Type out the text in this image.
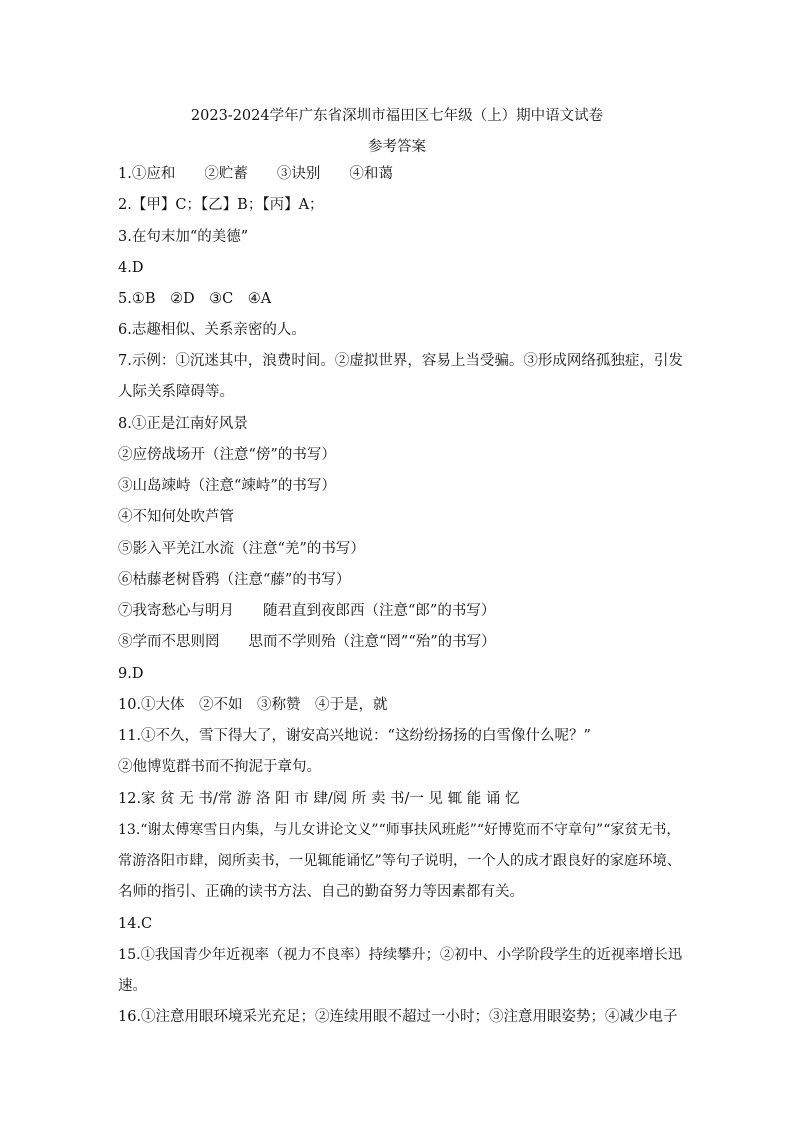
2023-2024学年广东省深圳市福田区七年级（上）期中语文试卷
参考答案
1.①应和　　②贮蓄　　③诀别　　④和蔼
2.【甲】C；【乙】B；【丙】A；
3.在句末加“的美德”
4.D
5.①B　②D　③C　④A
6.志趣相似、关系亲密的人。
7.示例：①沉迷其中，浪费时间。②虚拟世界，容易上当受骗。③形成网络孤独症，引发
人际关系障碍等。
8.①正是江南好风景
②应傍战场开（注意“傍”的书写）
③山岛竦峙（注意“竦峙”的书写）
④不知何处吹芦管
⑤影入平羌江水流（注意“羌”的书写）
⑥枯藤老树昏鸦（注意“藤”的书写）
⑦我寄愁心与明月　　随君直到夜郎西（注意“郎”的书写）
⑧学而不思则罔　　思而不学则殆（注意“罔”“殆”的书写）
9.D
10.①大体　②不如　③称赞　④于是，就
11.①不久，雪下得大了，谢安高兴地说：“这纷纷扬扬的白雪像什么呢？”
②他博览群书而不拘泥于章句。
12.家 贫 无 书/常 游 洛 阳 市 肆/阅 所 卖 书/一 见 辄 能 诵 忆
13.“谢太傅寒雪日内集，与儿女讲论文义”“师事扶风班彪”“好博览而不守章句”“家贫无书，
常游洛阳市肆，阅所卖书，一见辄能诵忆”等句子说明，一个人的成才跟良好的家庭环境、
名师的指引、正确的读书方法、自己的勤奋努力等因素都有关。
14.C
15.①我国青少年近视率（视力不良率）持续攀升；②初中、小学阶段学生的近视率增长迅
速。
16.①注意用眼环境采光充足；②连续用眼不超过一小时；③注意用眼姿势；④减少电子
